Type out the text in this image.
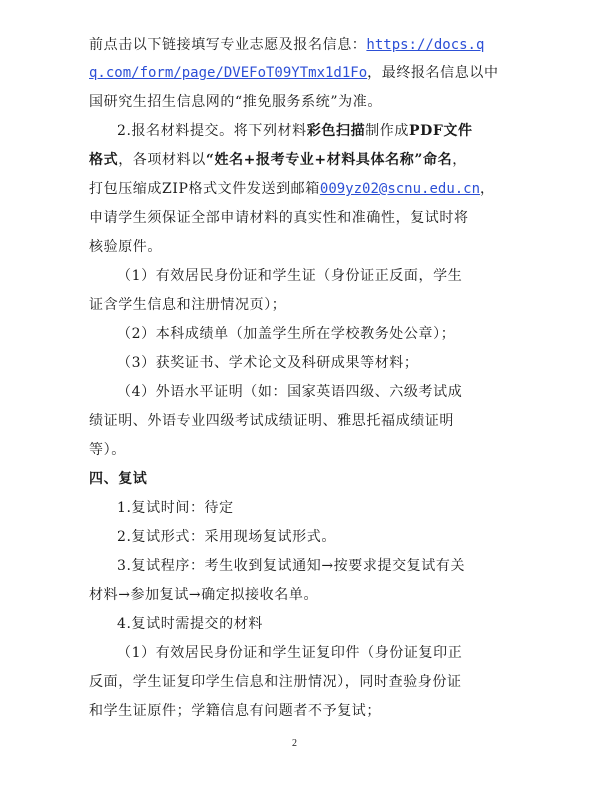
前点击以下链接填写专业志愿及报名信息：https://docs.q
q.com/form/page/DVEFoT09YTmx1d1Fo，最终报名信息以中
国研究生招生信息网的“推免服务系统”为准。
2.报名材料提交。将下列材料彩色扫描制作成PDF文件
格式，各项材料以“姓名+报考专业+材料具体名称”命名，
打包压缩成ZIP格式文件发送到邮箱009yz02@scnu.edu.cn，
申请学生须保证全部申请材料的真实性和准确性，复试时将
核验原件。
（1）有效居民身份证和学生证（身份证正反面，学生
证含学生信息和注册情况页）；
（2）本科成绩单（加盖学生所在学校教务处公章）；
（3）获奖证书、学术论文及科研成果等材料；
（4）外语水平证明（如：国家英语四级、六级考试成
绩证明、外语专业四级考试成绩证明、雅思托福成绩证明
等）。
四、复试
1.复试时间：待定
2.复试形式：采用现场复试形式。
3.复试程序：考生收到复试通知→按要求提交复试有关
材料→参加复试→确定拟接收名单。
4.复试时需提交的材料
（1）有效居民身份证和学生证复印件（身份证复印正
反面，学生证复印学生信息和注册情况），同时查验身份证
和学生证原件；学籍信息有问题者不予复试；
2
